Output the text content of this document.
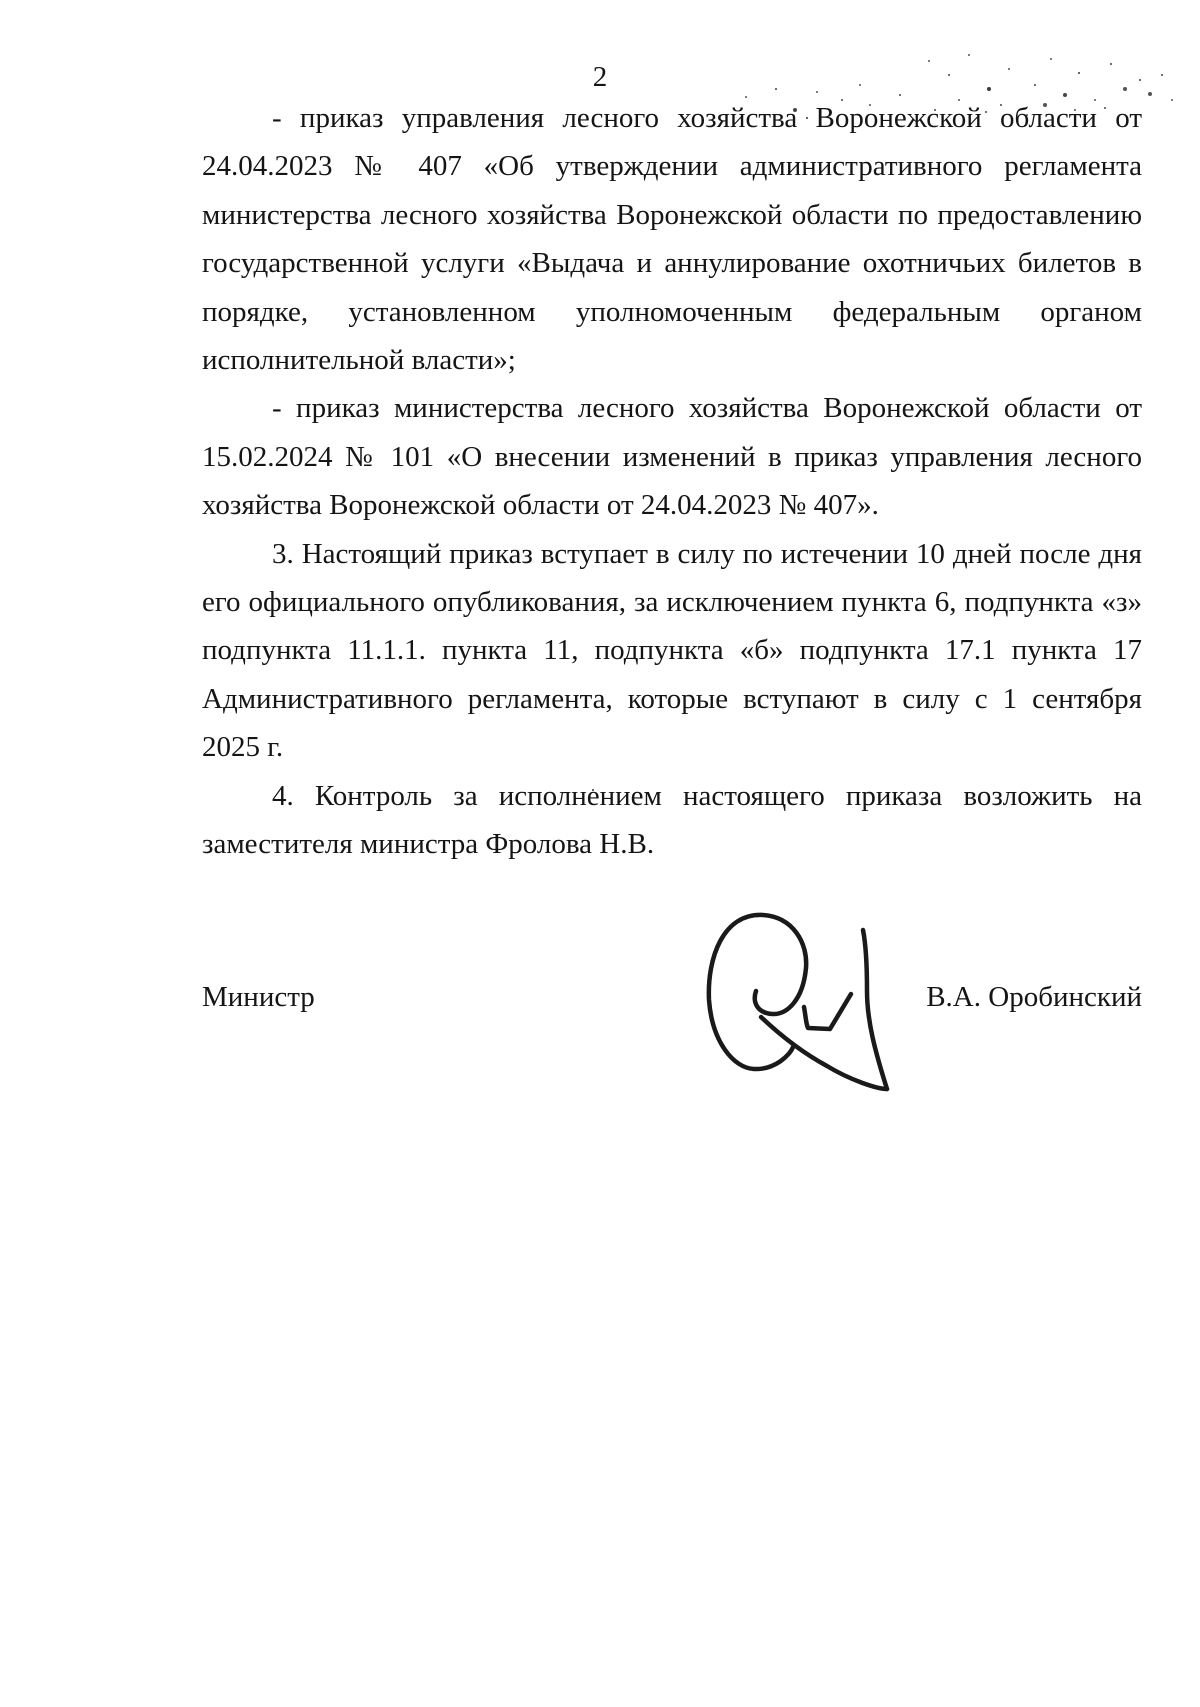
2
- приказ управления лесного хозяйства Воронежской области от
24.04.2023 № 407 «Об утверждении административного регламента
министерства лесного хозяйства Воронежской области по предоставлению
государственной услуги «Выдача и аннулирование охотничьих билетов в
порядке, установленном уполномоченным федеральным органом
исполнительной власти»;
- приказ министерства лесного хозяйства Воронежской области от
15.02.2024 № 101 «О внесении изменений в приказ управления лесного
хозяйства Воронежской области от 24.04.2023 № 407».
3. Настоящий приказ вступает в силу по истечении 10 дней после дня
его официального опубликования, за исключением пункта 6, подпункта «з»
подпункта 11.1.1. пункта 11, подпункта «б» подпункта 17.1 пункта 17
Административного регламента, которые вступают в силу с 1 сентября
2025 г.
4. Контроль за исполнением настоящего приказа возложить на
заместителя министра Фролова Н.В.
Министр	В.А. Оробинский
